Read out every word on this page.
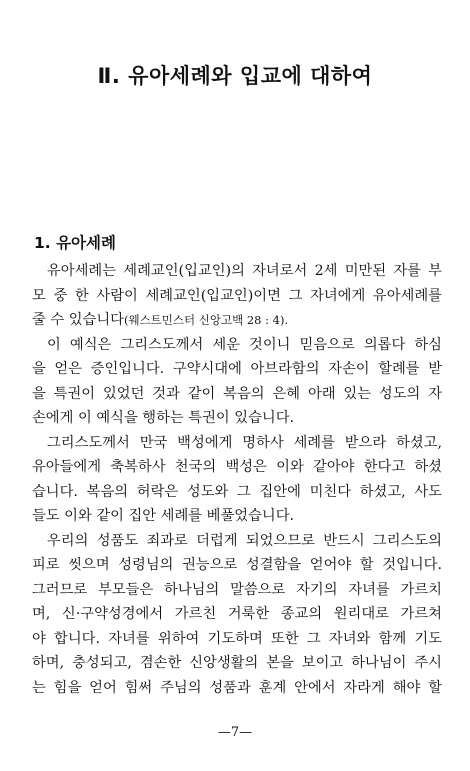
Ⅱ. 유아세례와 입교에 대하여
1. 유아세례
유아세례는 세례교인(입교인)의 자녀로서 2세 미만된 자를 부
모 중 한 사람이 세례교인(입교인)이면 그 자녀에게 유아세례를
줄 수 있습니다(웨스트민스터 신앙고백 28 : 4).
이 예식은 그리스도께서 세운 것이니 믿음으로 의롭다 하심
을 얻은 증인입니다. 구약시대에 아브라함의 자손이 할례를 받
을 특권이 있었던 것과 같이 복음의 은혜 아래 있는 성도의 자
손에게 이 예식을 행하는 특권이 있습니다.
그리스도께서 만국 백성에게 명하사 세례를 받으라 하셨고,
유아들에게 축복하사 천국의 백성은 이와 같아야 한다고 하셨
습니다. 복음의 허락은 성도와 그 집안에 미친다 하셨고, 사도
들도 이와 같이 집안 세례를 베풀었습니다.
우리의 성품도 죄과로 더럽게 되었으므로 반드시 그리스도의
피로 씻으며 성령님의 권능으로 성결함을 얻어야 할 것입니다.
그러므로 부모들은 하나님의 말씀으로 자기의 자녀를 가르치
며, 신·구약성경에서 가르친 거룩한 종교의 원리대로 가르쳐
야 합니다. 자녀를 위하여 기도하며 또한 그 자녀와 함께 기도
하며, 충성되고, 겸손한 신앙생활의 본을 보이고 하나님이 주시
는 힘을 얻어 힘써 주님의 성품과 훈계 안에서 자라게 해야 할
—7—
